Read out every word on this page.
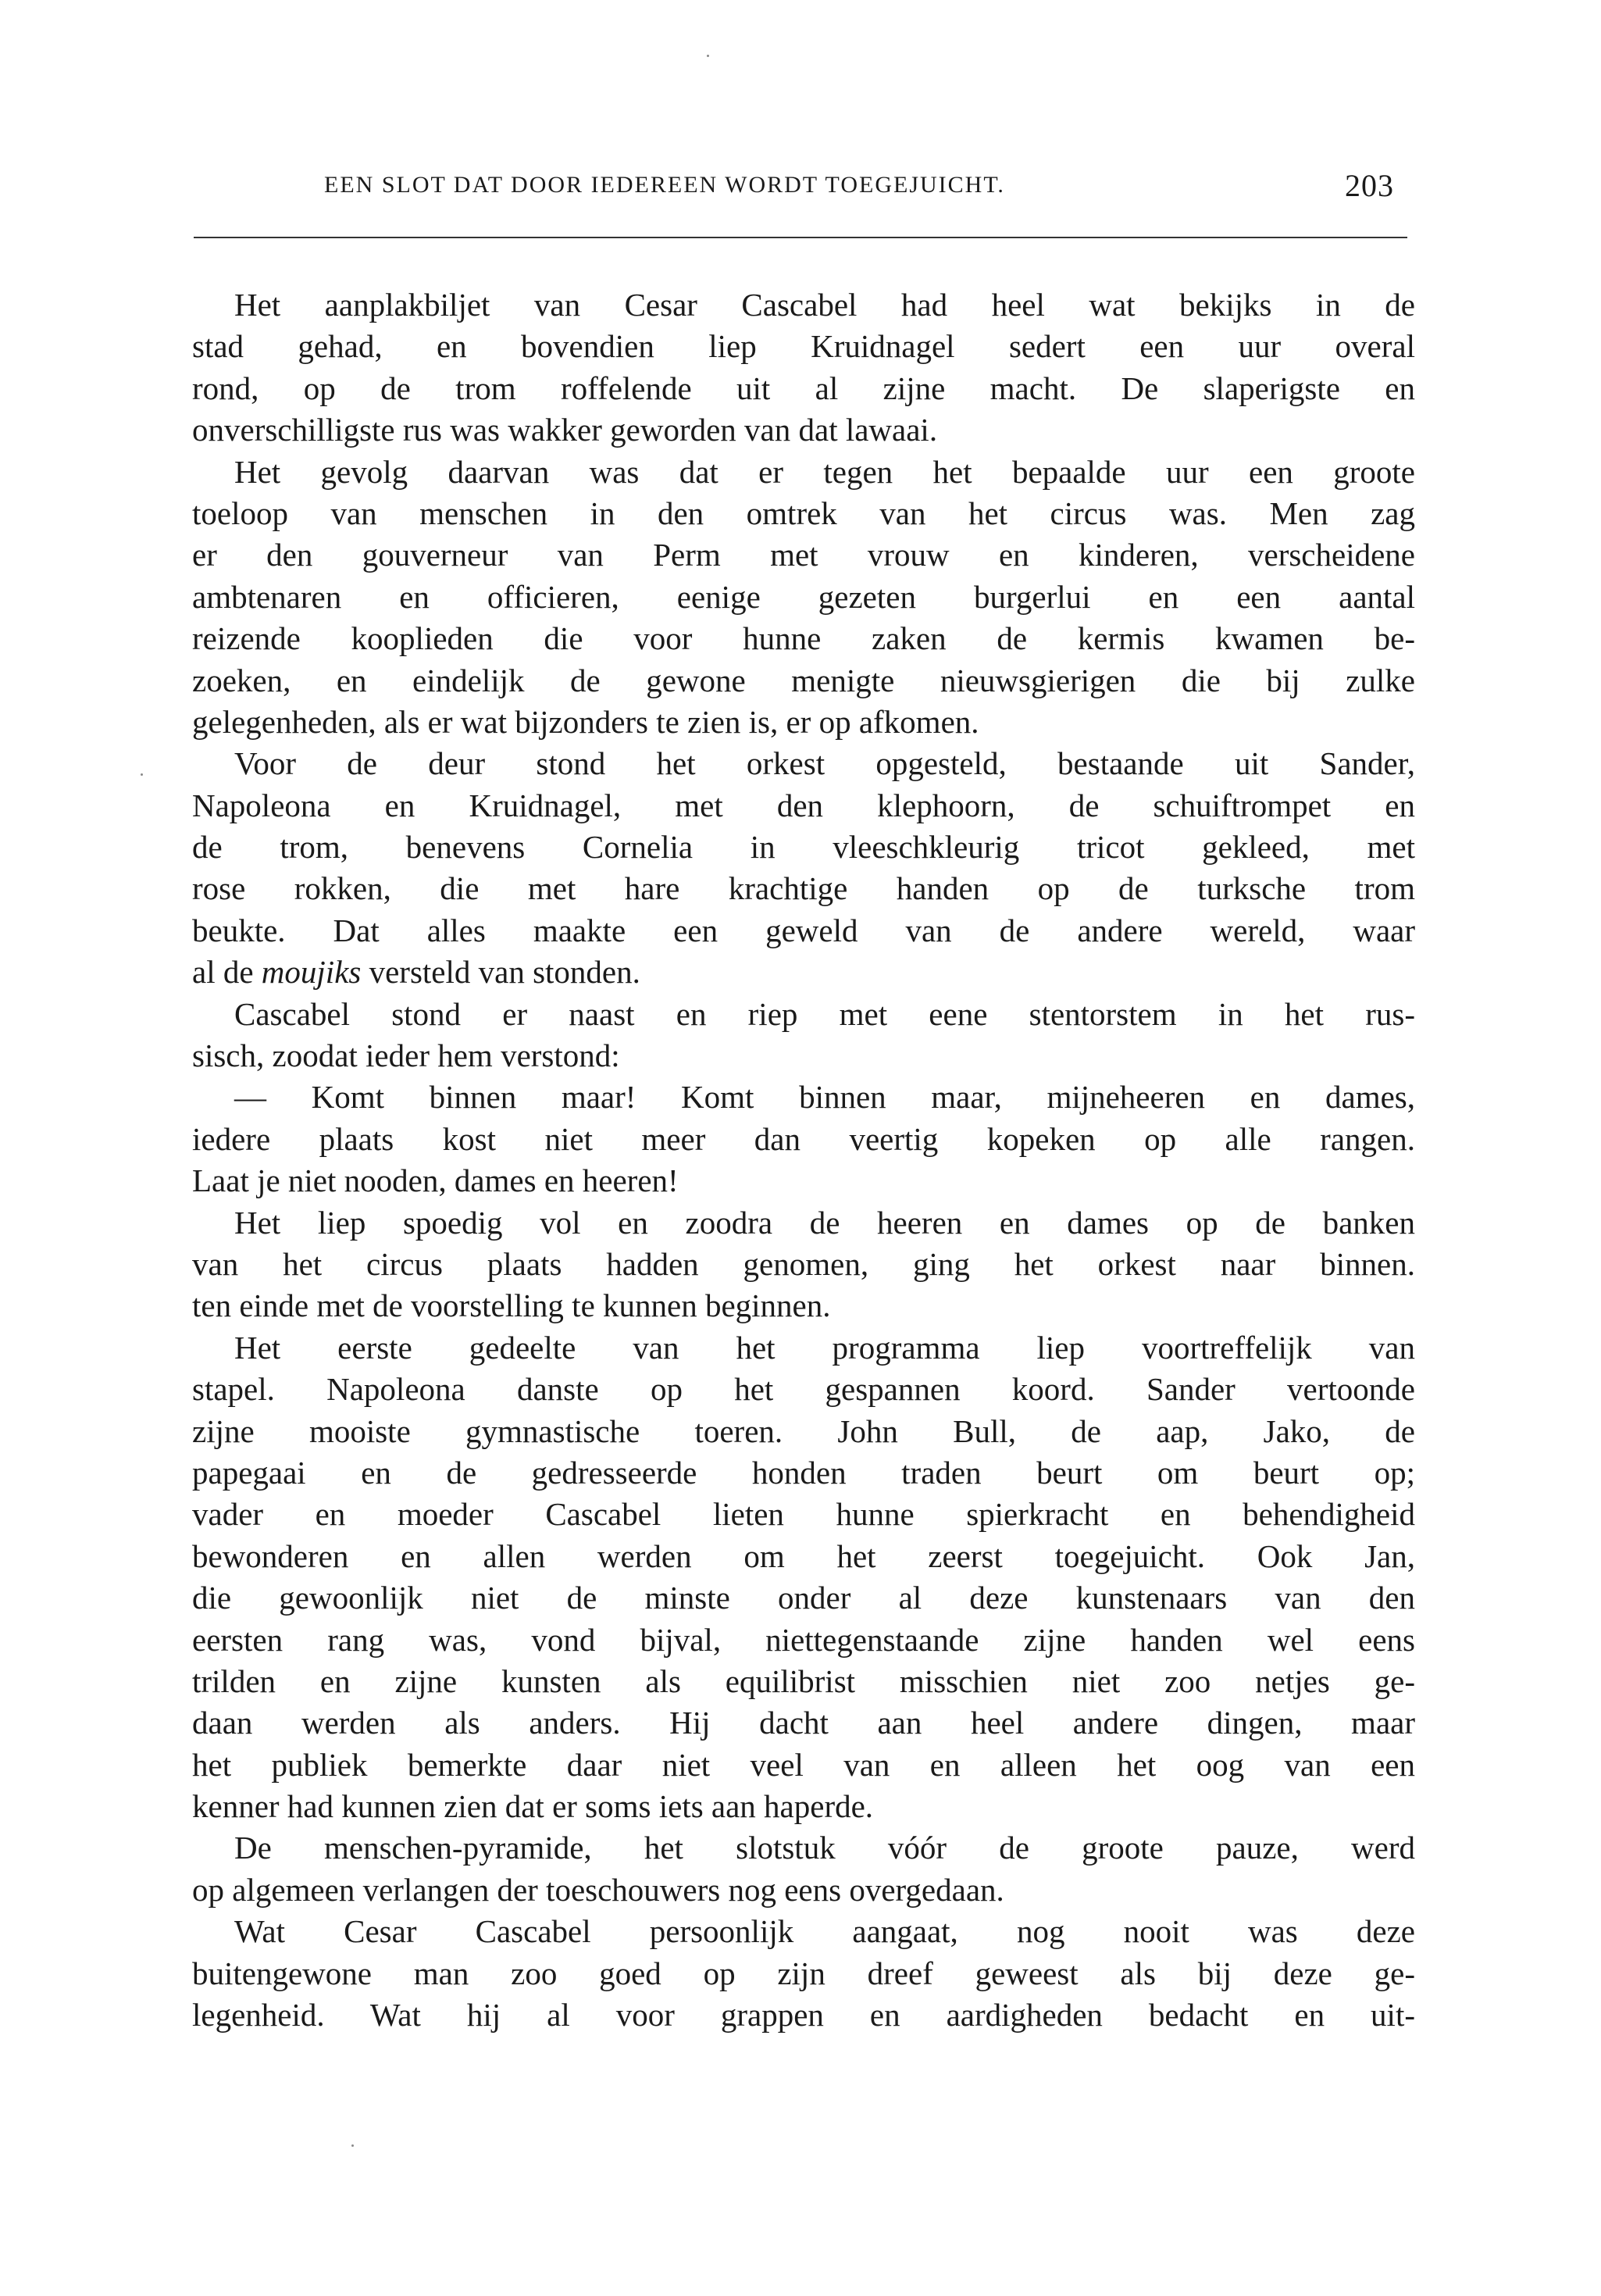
EEN SLOT DAT DOOR IEDEREEN WORDT TOEGEJUICHT.	203
Het aanplakbiljet van Cesar Cascabel had heel wat bekijks in de
stad gehad, en bovendien liep Kruidnagel sedert een uur overal
rond, op de trom roffelende uit al zijne macht. De slaperigste en
onverschilligste rus was wakker geworden van dat lawaai.
Het gevolg daarvan was dat er tegen het bepaalde uur een groote
toeloop van menschen in den omtrek van het circus was. Men zag
er den gouverneur van Perm met vrouw en kinderen, verscheidene
ambtenaren en officieren, eenige gezeten burgerlui en een aantal
reizende kooplieden die voor hunne zaken de kermis kwamen be-
zoeken, en eindelijk de gewone menigte nieuwsgierigen die bij zulke
gelegenheden, als er wat bijzonders te zien is, er op afkomen.
Voor de deur stond het orkest opgesteld, bestaande uit Sander,
Napoleona en Kruidnagel, met den klephoorn, de schuiftrompet en
de trom, benevens Cornelia in vleeschkleurig tricot gekleed, met
rose rokken, die met hare krachtige handen op de turksche trom
beukte. Dat alles maakte een geweld van de andere wereld, waar
al de moujiks versteld van stonden.
Cascabel stond er naast en riep met eene stentorstem in het rus-
sisch, zoodat ieder hem verstond:
— Komt binnen maar! Komt binnen maar, mijneheeren en dames,
iedere plaats kost niet meer dan veertig kopeken op alle rangen.
Laat je niet nooden, dames en heeren!
Het liep spoedig vol en zoodra de heeren en dames op de banken
van het circus plaats hadden genomen, ging het orkest naar binnen.
ten einde met de voorstelling te kunnen beginnen.
Het eerste gedeelte van het programma liep voortreffelijk van
stapel. Napoleona danste op het gespannen koord. Sander vertoonde
zijne mooiste gymnastische toeren. John Bull, de aap, Jako, de
papegaai en de gedresseerde honden traden beurt om beurt op;
vader en moeder Cascabel lieten hunne spierkracht en behendigheid
bewonderen en allen werden om het zeerst toegejuicht. Ook Jan,
die gewoonlijk niet de minste onder al deze kunstenaars van den
eersten rang was, vond bijval, niettegenstaande zijne handen wel eens
trilden en zijne kunsten als equilibrist misschien niet zoo netjes ge-
daan werden als anders. Hij dacht aan heel andere dingen, maar
het publiek bemerkte daar niet veel van en alleen het oog van een
kenner had kunnen zien dat er soms iets aan haperde.
De menschen-pyramide, het slotstuk vóór de groote pauze, werd
op algemeen verlangen der toeschouwers nog eens overgedaan.
Wat Cesar Cascabel persoonlijk aangaat, nog nooit was deze
buitengewone man zoo goed op zijn dreef geweest als bij deze ge-
legenheid. Wat hij al voor grappen en aardigheden bedacht en uit-
